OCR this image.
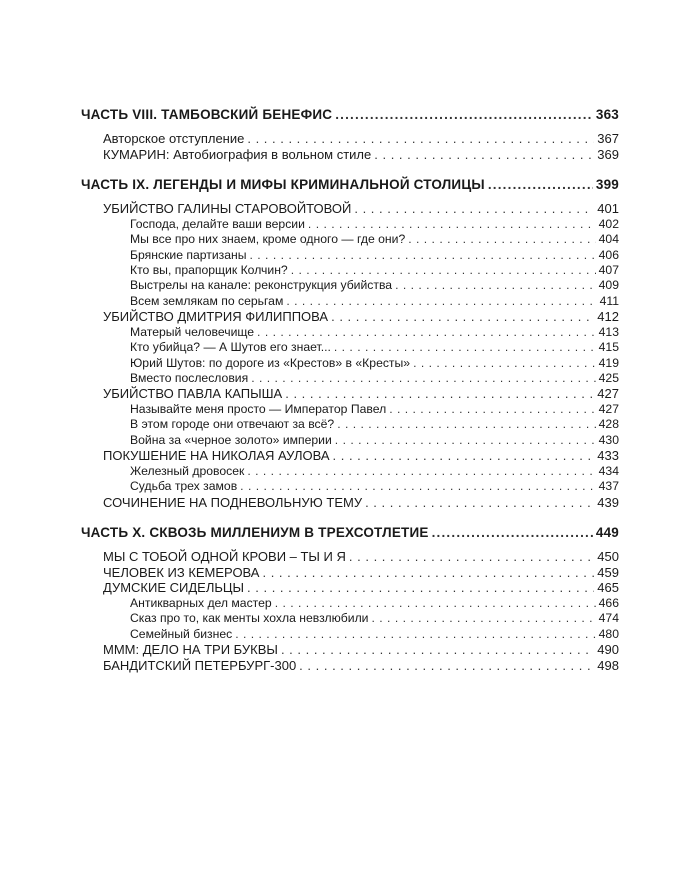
ЧАСТЬ VIII. ТАМБОВСКИЙ БЕНЕФИС .....	363
Авторское отступление . . .	367
КУМАРИН: Автобиография в вольном стиле . . .	369
ЧАСТЬ IX. ЛЕГЕНДЫ И МИФЫ КРИМИНАЛЬНОЙ СТОЛИЦЫ .....	399
УБИЙСТВО ГАЛИНЫ СТАРОВОЙТОВОЙ . . .	401
Господа, делайте ваши версии . . .	402
Мы все про них знаем, кроме одного — где они? . . .	404
Брянские партизаны . . .	406
Кто вы, прапорщик Колчин? . . .	407
Выстрелы на канале: реконструкция убийства . . .	409
Всем землякам по серьгам . . .	411
УБИЙСТВО ДМИТРИЯ ФИЛИППОВА . . .	412
Матерый человечище . . .	413
Кто убийца? — А Шутов его знает... . . .	415
Юрий Шутов: по дороге из «Крестов» в «Кресты» . . .	419
Вместо послесловия . . .	425
УБИЙСТВО ПАВЛА КАПЫША . . .	427
Называйте меня просто — Император Павел . . .	427
В этом городе они отвечают за всё? . . .	428
Война за «черное золото» империи . . .	430
ПОКУШЕНИЕ НА НИКОЛАЯ АУЛОВА . . .	433
Железный дровосек . . .	434
Судьба трех замов . . .	437
СОЧИНЕНИЕ НА ПОДНЕВОЛЬНУЮ ТЕМУ . . .	439
ЧАСТЬ X. СКВОЗЬ МИЛЛЕНИУМ В ТРЕХСОТЛЕТИЕ .....	449
МЫ С ТОБОЙ ОДНОЙ КРОВИ – ТЫ И Я . . .	450
ЧЕЛОВЕК ИЗ КЕМЕРОВА . . .	459
ДУМСКИЕ СИДЕЛЬЦЫ . . .	465
Антикварных дел мастер . . .	466
Сказ про то, как менты хохла невзлюбили . . .	474
Семейный бизнес . . .	480
МММ: ДЕЛО НА ТРИ БУКВЫ . . .	490
БАНДИТСКИЙ ПЕТЕРБУРГ-300 . . .	498
